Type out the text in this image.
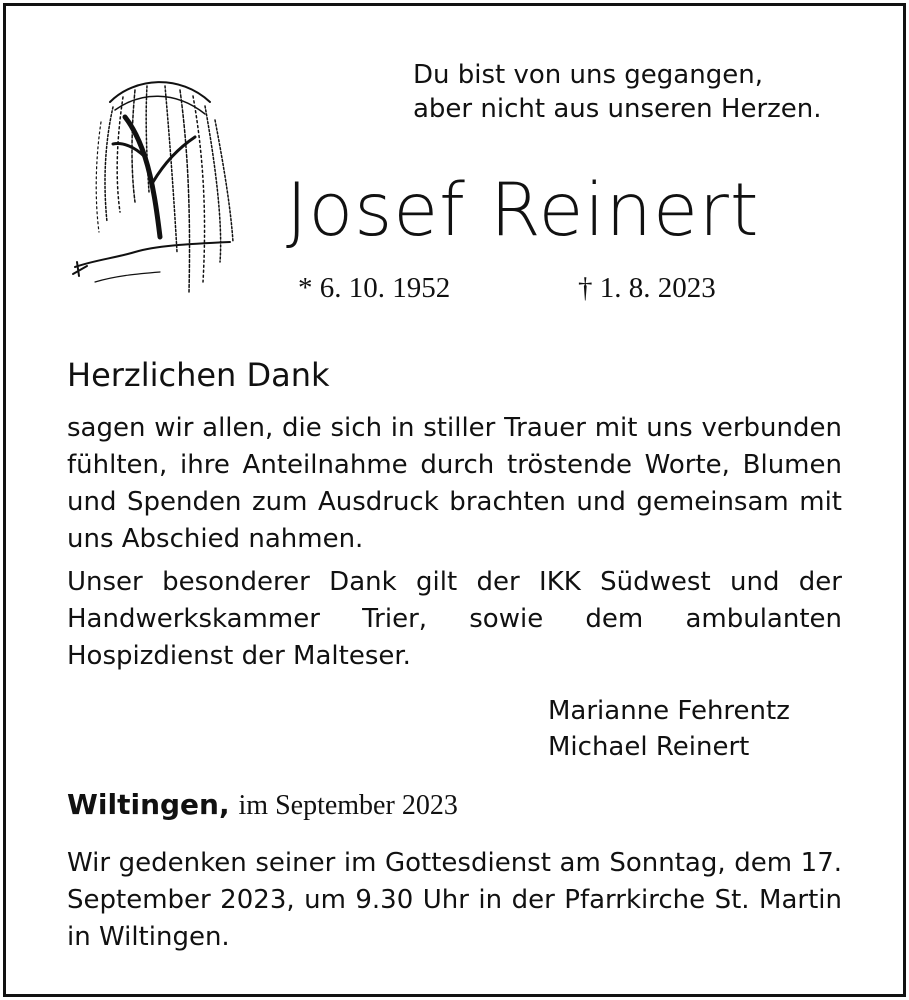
Du bist von uns gegangen,
aber nicht aus unseren Herzen.
Josef Reinert
* 6. 10. 1952	† 1. 8. 2023
Herzlichen Dank
sagen wir allen, die sich in stiller Trauer mit uns verbunden fühlten, ihre Anteilnahme durch tröstende Worte, Blumen und Spenden zum Ausdruck brachten und gemeinsam mit uns Abschied nahmen.
Unser besonderer Dank gilt der IKK Südwest und der Handwerkskammer Trier, sowie dem ambulanten Hospizdienst der Malteser.
Marianne Fehrentz
Michael Reinert
Wiltingen, im September 2023
Wir gedenken seiner im Gottesdienst am Sonntag, dem 17. September 2023, um 9.30 Uhr in der Pfarrkirche St. Martin in Wiltingen.
